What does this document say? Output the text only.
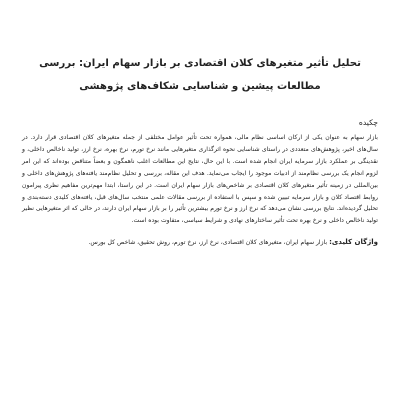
تحلیل تأثیر متغیرهای کلان اقتصادی بر بازار سهام ایران: بررسی مطالعات پیشین و شناسایی شکاف‌های پژوهشی
چکیده

بازار سهام به عنوان یکی از ارکان اساسی نظام مالی، همواره تحت تأثیر عوامل مختلفی از جمله متغیرهای کلان اقتصادی قرار دارد. در سال‌های اخیر، پژوهش‌های متعددی در راستای شناسایی نحوه اثرگذاری متغیرهایی مانند نرخ تورم، نرخ بهره، نرخ ارز، تولید ناخالص داخلی، و نقدینگی بر عملکرد بازار سرمایه ایران انجام شده است. با این حال، نتایج این مطالعات اغلب ناهمگون و بعضاً متناقض بوده‌اند که این امر لزوم انجام یک بررسی نظام‌مند از ادبیات موجود را ایجاب می‌نماید. هدف این مقاله، بررسی و تحلیل نظام‌مند یافته‌های پژوهش‌های داخلی و بین‌المللی در زمینه تأثیر متغیرهای کلان اقتصادی بر شاخص‌های بازار سهام ایران است. در این راستا، ابتدا مهم‌ترین مفاهیم نظری پیرامون روابط اقتصاد کلان و بازار سرمایه تبیین شده و سپس با استفاده از بررسی مقالات علمی منتخب سال‌های قبل، یافته‌های کلیدی دسته‌بندی و تحلیل گردیده‌اند. نتایج بررسی نشان می‌دهد که نرخ ارز و نرخ تورم بیشترین تأثیر را بر بازار سهام ایران دارند، در حالی که اثر متغیرهایی نظیر تولید ناخالص داخلی و نرخ بهره تحت تأثیر ساختارهای نهادی و شرایط سیاسی، متفاوت بوده است.

واژگان کلیدی: بازار سهام ایران، متغیرهای کلان اقتصادی، نرخ ارز، نرخ تورم، روش تحقیق، شاخص کل بورس.
